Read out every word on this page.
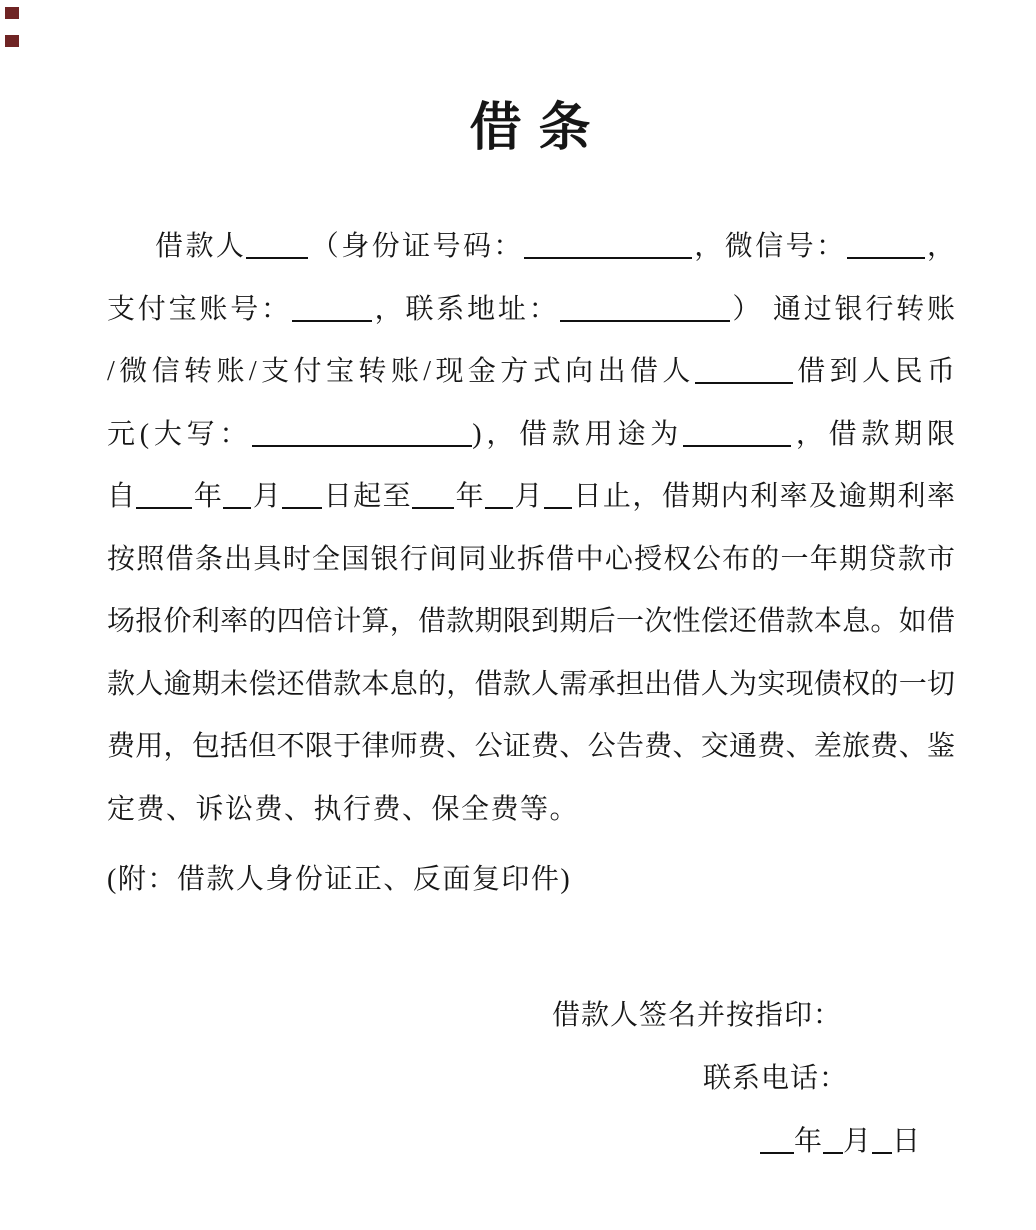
借 条
借款人 （身份证号码：	，微信号：	，
支付宝账号：	，联系地址：	） 通过银行转账
/微信转账/支付宝转账/现金方式向出借人	借到人民币
元(大写：	)，借款用途为	，借款期限
自 年 月 日起至 年 月 日止，借期内利率及逾期利率
按照借条出具时全国银行间同业拆借中心授权公布的一年期贷款市
场报价利率的四倍计算，借款期限到期后一次性偿还借款本息。如借
款人逾期未偿还借款本息的，借款人需承担出借人为实现债权的一切
费用，包括但不限于律师费、公证费、公告费、交通费、差旅费、鉴
定费、诉讼费、执行费、保全费等。
(附：借款人身份证正、反面复印件)
借款人签名并按指印：
联系电话：
年 月 日
